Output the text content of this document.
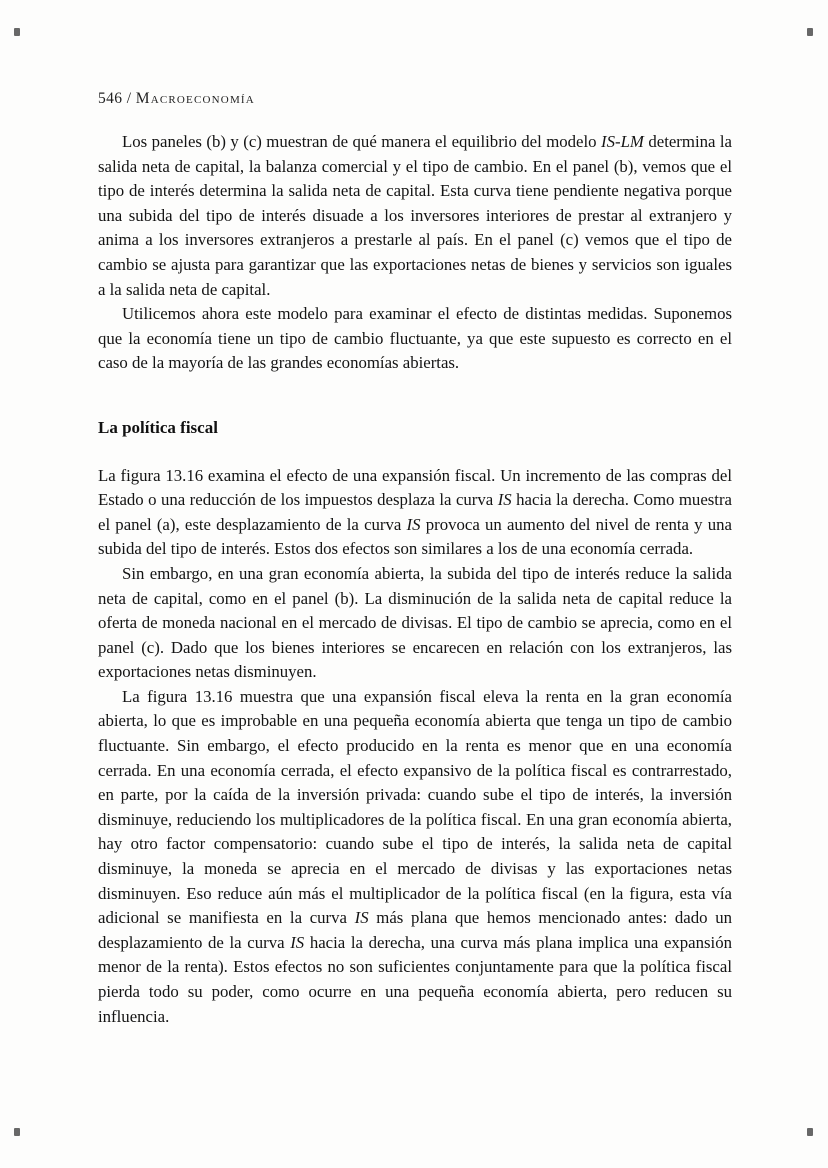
546 / Macroeconomía

Los paneles (b) y (c) muestran de qué manera el equilibrio del modelo IS-LM determina la salida neta de capital, la balanza comercial y el tipo de cambio. En el panel (b), vemos que el tipo de interés determina la salida neta de capital. Esta curva tiene pendiente negativa porque una subida del tipo de interés disuade a los inversores interiores de prestar al extranjero y anima a los inversores extranjeros a prestarle al país. En el panel (c) vemos que el tipo de cambio se ajusta para garantizar que las exportaciones netas de bienes y servicios son iguales a la salida neta de capital.

Utilicemos ahora este modelo para examinar el efecto de distintas medidas. Suponemos que la economía tiene un tipo de cambio fluctuante, ya que este supuesto es correcto en el caso de la mayoría de las grandes economías abiertas.

La política fiscal

La figura 13.16 examina el efecto de una expansión fiscal. Un incremento de las compras del Estado o una reducción de los impuestos desplaza la curva IS hacia la derecha. Como muestra el panel (a), este desplazamiento de la curva IS provoca un aumento del nivel de renta y una subida del tipo de interés. Estos dos efectos son similares a los de una economía cerrada.

Sin embargo, en una gran economía abierta, la subida del tipo de interés reduce la salida neta de capital, como en el panel (b). La disminución de la salida neta de capital reduce la oferta de moneda nacional en el mercado de divisas. El tipo de cambio se aprecia, como en el panel (c). Dado que los bienes interiores se encarecen en relación con los extranjeros, las exportaciones netas disminuyen.

La figura 13.16 muestra que una expansión fiscal eleva la renta en la gran economía abierta, lo que es improbable en una pequeña economía abierta que tenga un tipo de cambio fluctuante. Sin embargo, el efecto producido en la renta es menor que en una economía cerrada. En una economía cerrada, el efecto expansivo de la política fiscal es contrarrestado, en parte, por la caída de la inversión privada: cuando sube el tipo de interés, la inversión disminuye, reduciendo los multiplicadores de la política fiscal. En una gran economía abierta, hay otro factor compensatorio: cuando sube el tipo de interés, la salida neta de capital disminuye, la moneda se aprecia en el mercado de divisas y las exportaciones netas disminuyen. Eso reduce aún más el multiplicador de la política fiscal (en la figura, esta vía adicional se manifiesta en la curva IS más plana que hemos mencionado antes: dado un desplazamiento de la curva IS hacia la derecha, una curva más plana implica una expansión menor de la renta). Estos efectos no son suficientes conjuntamente para que la política fiscal pierda todo su poder, como ocurre en una pequeña economía abierta, pero reducen su influencia.
